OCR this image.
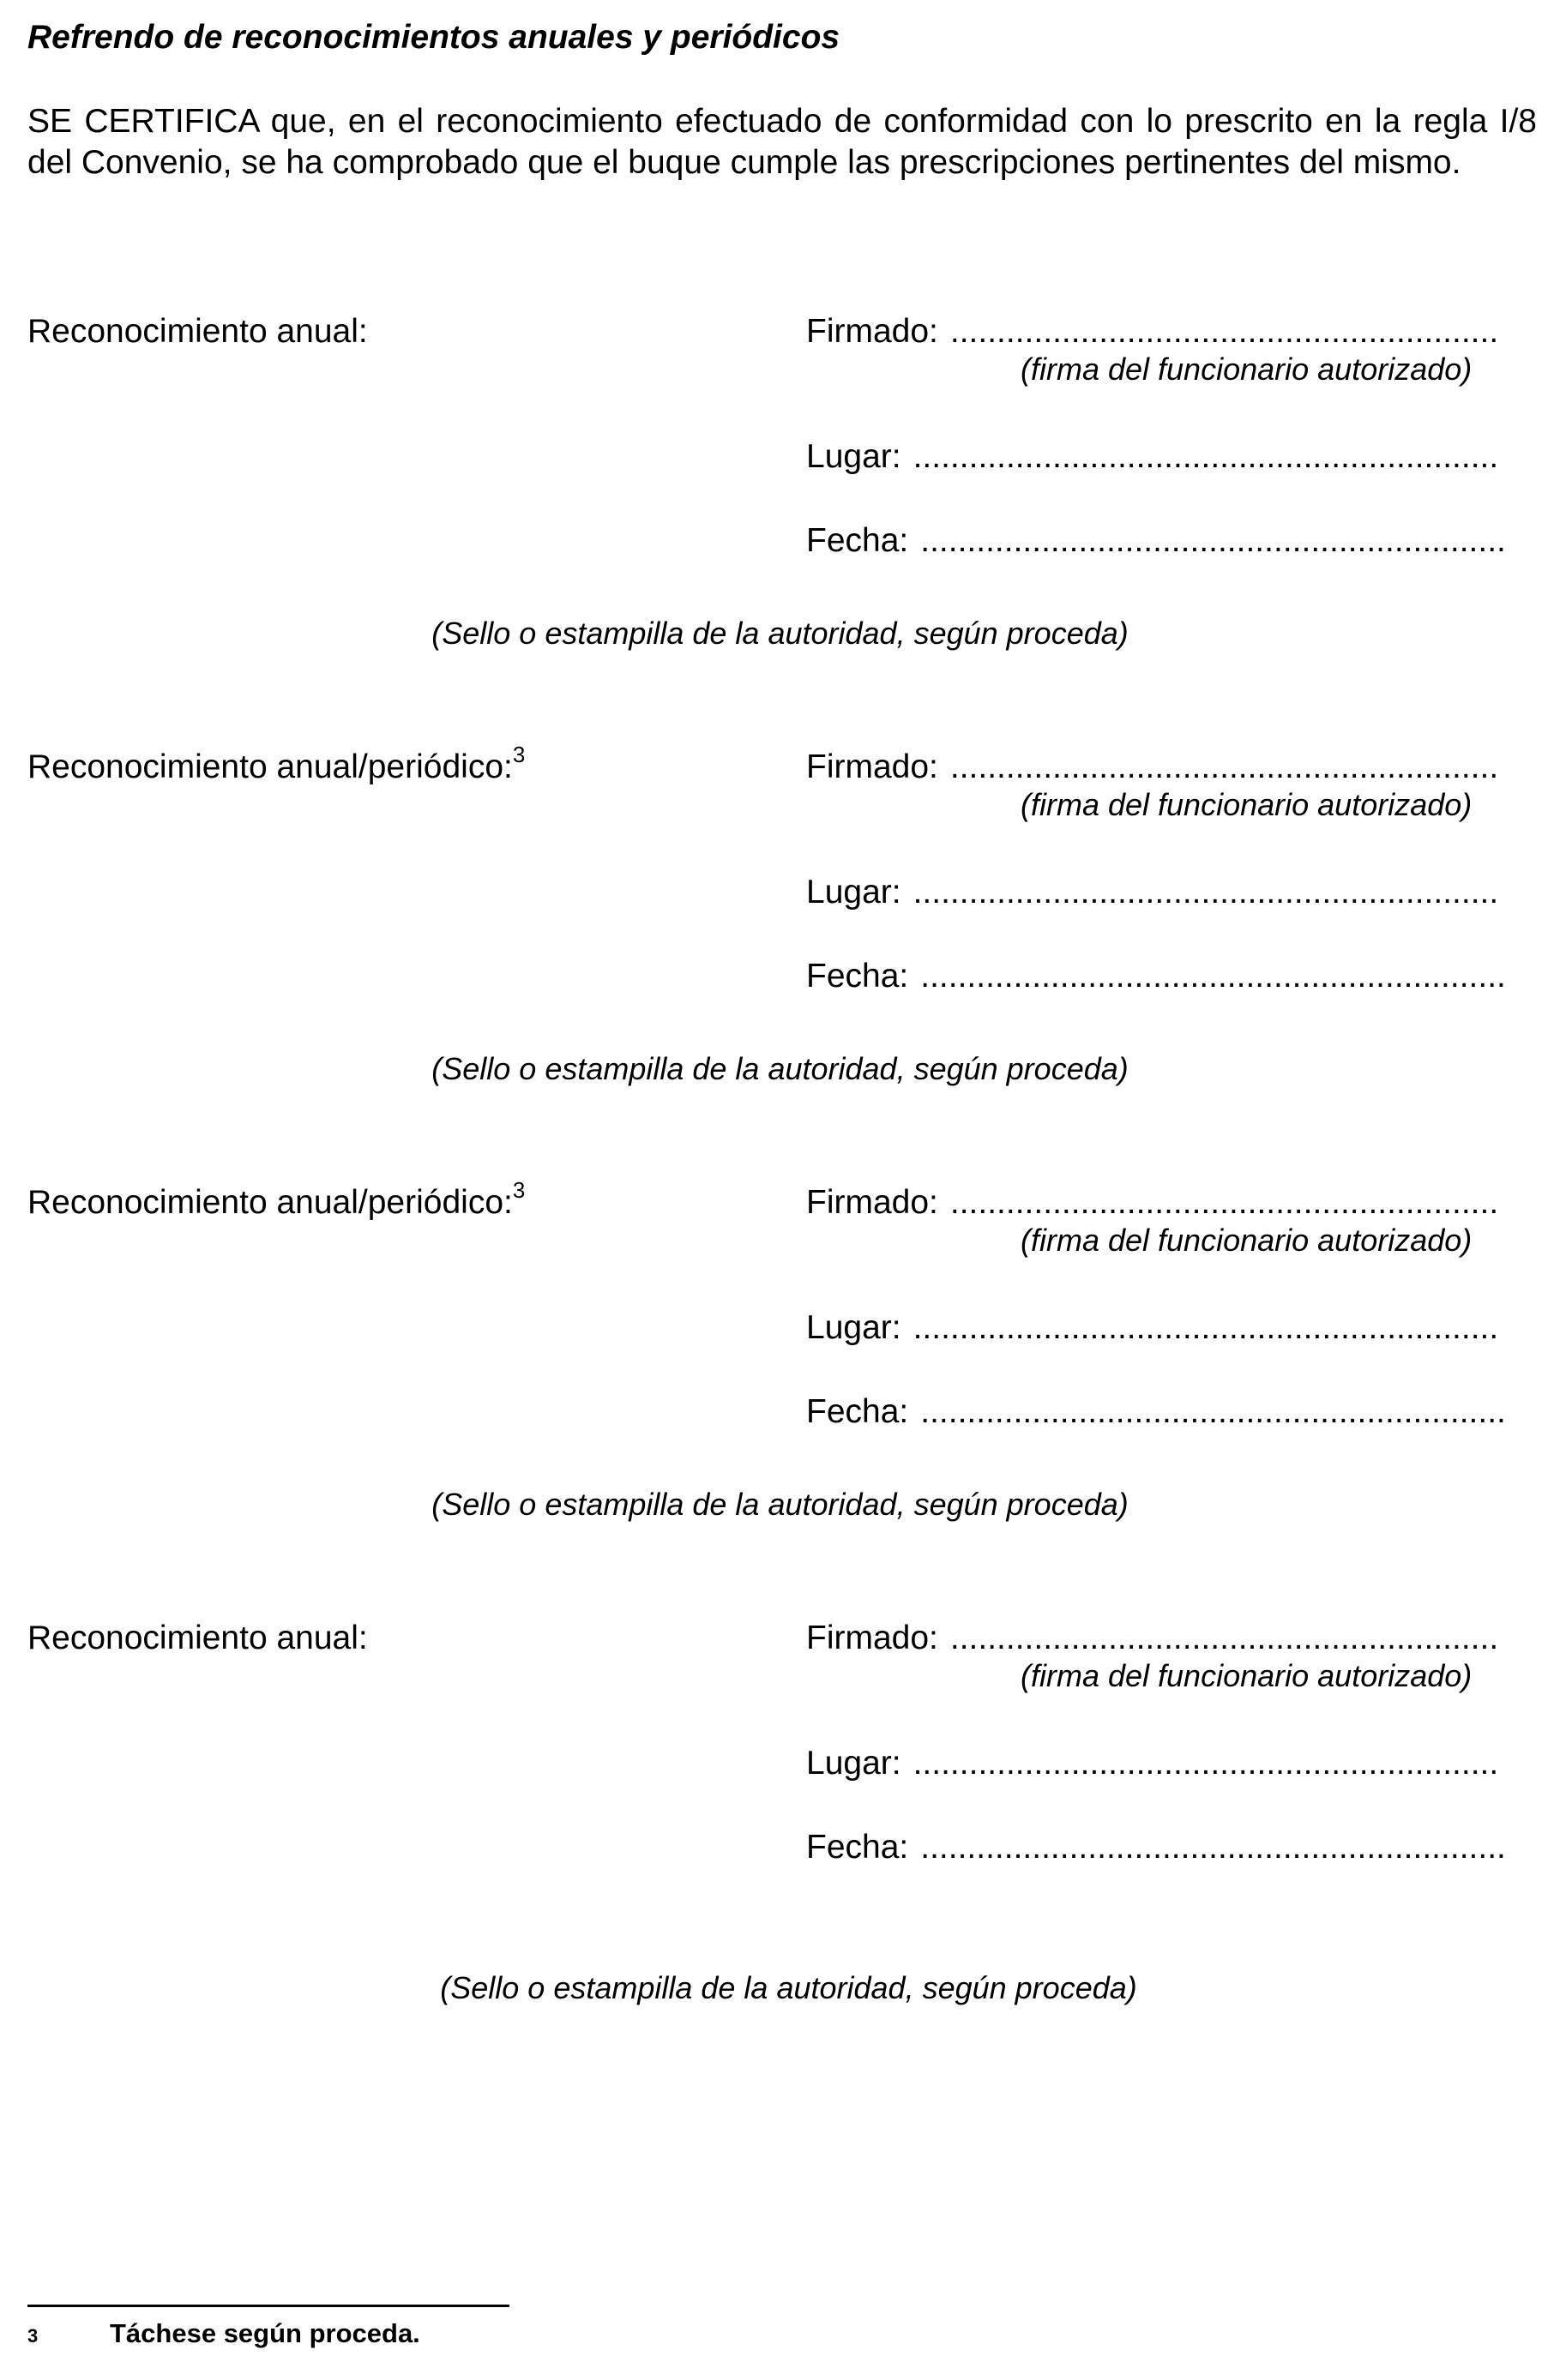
Refrendo de reconocimientos anuales y periódicos

SE CERTIFICA que, en el reconocimiento efectuado de conformidad con lo prescrito en la regla I/8 del Convenio, se ha comprobado que el buque cumple las prescripciones pertinentes del mismo.

Reconocimiento anual:	Firmado: ...........................................................
(firma del funcionario autorizado)
Lugar: ...............................................................
Fecha: ...............................................................
(Sello o estampilla de la autoridad, según proceda)
Reconocimiento anual/periódico:$^3$	Firmado: ...........................................................
(firma del funcionario autorizado)
Lugar: ...............................................................
Fecha: ...............................................................
(Sello o estampilla de la autoridad, según proceda)
Reconocimiento anual/periódico:$^3$	Firmado: ...........................................................
(firma del funcionario autorizado)
Lugar: ...............................................................
Fecha: ...............................................................
(Sello o estampilla de la autoridad, según proceda)
Reconocimiento anual:	Firmado: ...........................................................
(firma del funcionario autorizado)
Lugar: ...............................................................
Fecha: ...............................................................
(Sello o estampilla de la autoridad, según proceda)
3	Táchese según proceda.
